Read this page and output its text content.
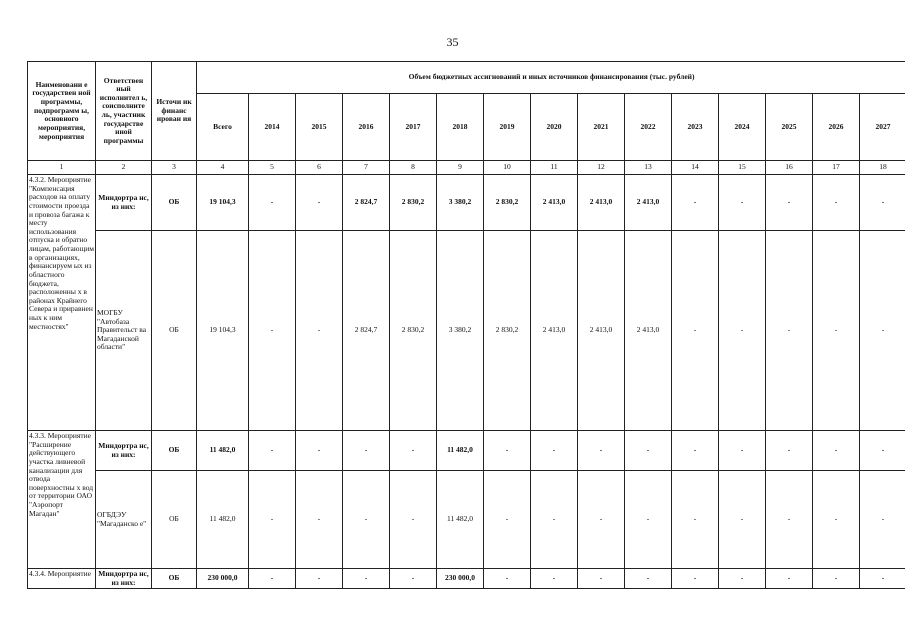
35
Наименовани е государствен ной программы, подпрограмм ы, основного мероприятия, мероприятия	Ответствен ный исполнител ь, соисполните ль, участник государстве нной программы	Источи ик финанс ирован ия	Объем бюджетных ассигнований и иных источников финансирования (тыс. рублей)														
			Всего	2014	2015	2016	2017	2018	2019	2020	2021	2022	2023	2024	2025	2026	2027
1	2	3	4	5	6	7	8	9	10	11	12	13	14	15	16	17	18
4.3.2. Мероприятие "Компенсация расходов на оплату стоимости проезда и провоза багажа к месту использования отпуска и обратно лицам, работающим в организациях, финансируем ых из областного бюджета, расположенны х в районах Крайнего Севера и приравнен ных к ним местностях"	Миндортра нс, из них:	ОБ	19 104,3	-	-	2 824,7	2 830,2	3 380,2	2 830,2	2 413,0	2 413,0	2 413,0	-	-	-	-	-
	МОГБУ "Автобаза Правительст ва Магаданской области"	ОБ	19 104,3	-	-	2 824,7	2 830,2	3 380,2	2 830,2	2 413,0	2 413,0	2 413,0	-	-	-	-	-
4.3.3. Мероприятие "Расширение действующего участка ливневой канализации для отвода поверхностны х вод от территории ОАО "Аэропорт Магадан"	Миндортра нс, из них:	ОБ	11 482,0	-	-	-	-	11 482,0	-	-	-	-	-	-	-	-	-
	ОГБДЭУ "Магаданско е"	ОБ	11 482,0	-	-	-	-	11 482,0	-	-	-	-	-	-	-	-	-
4.3.4. Мероприятие	Миндортра нс, из них:	ОБ	230 000,0	-	-	-	-	230 000,0	-	-	-	-	-	-	-	-	-
